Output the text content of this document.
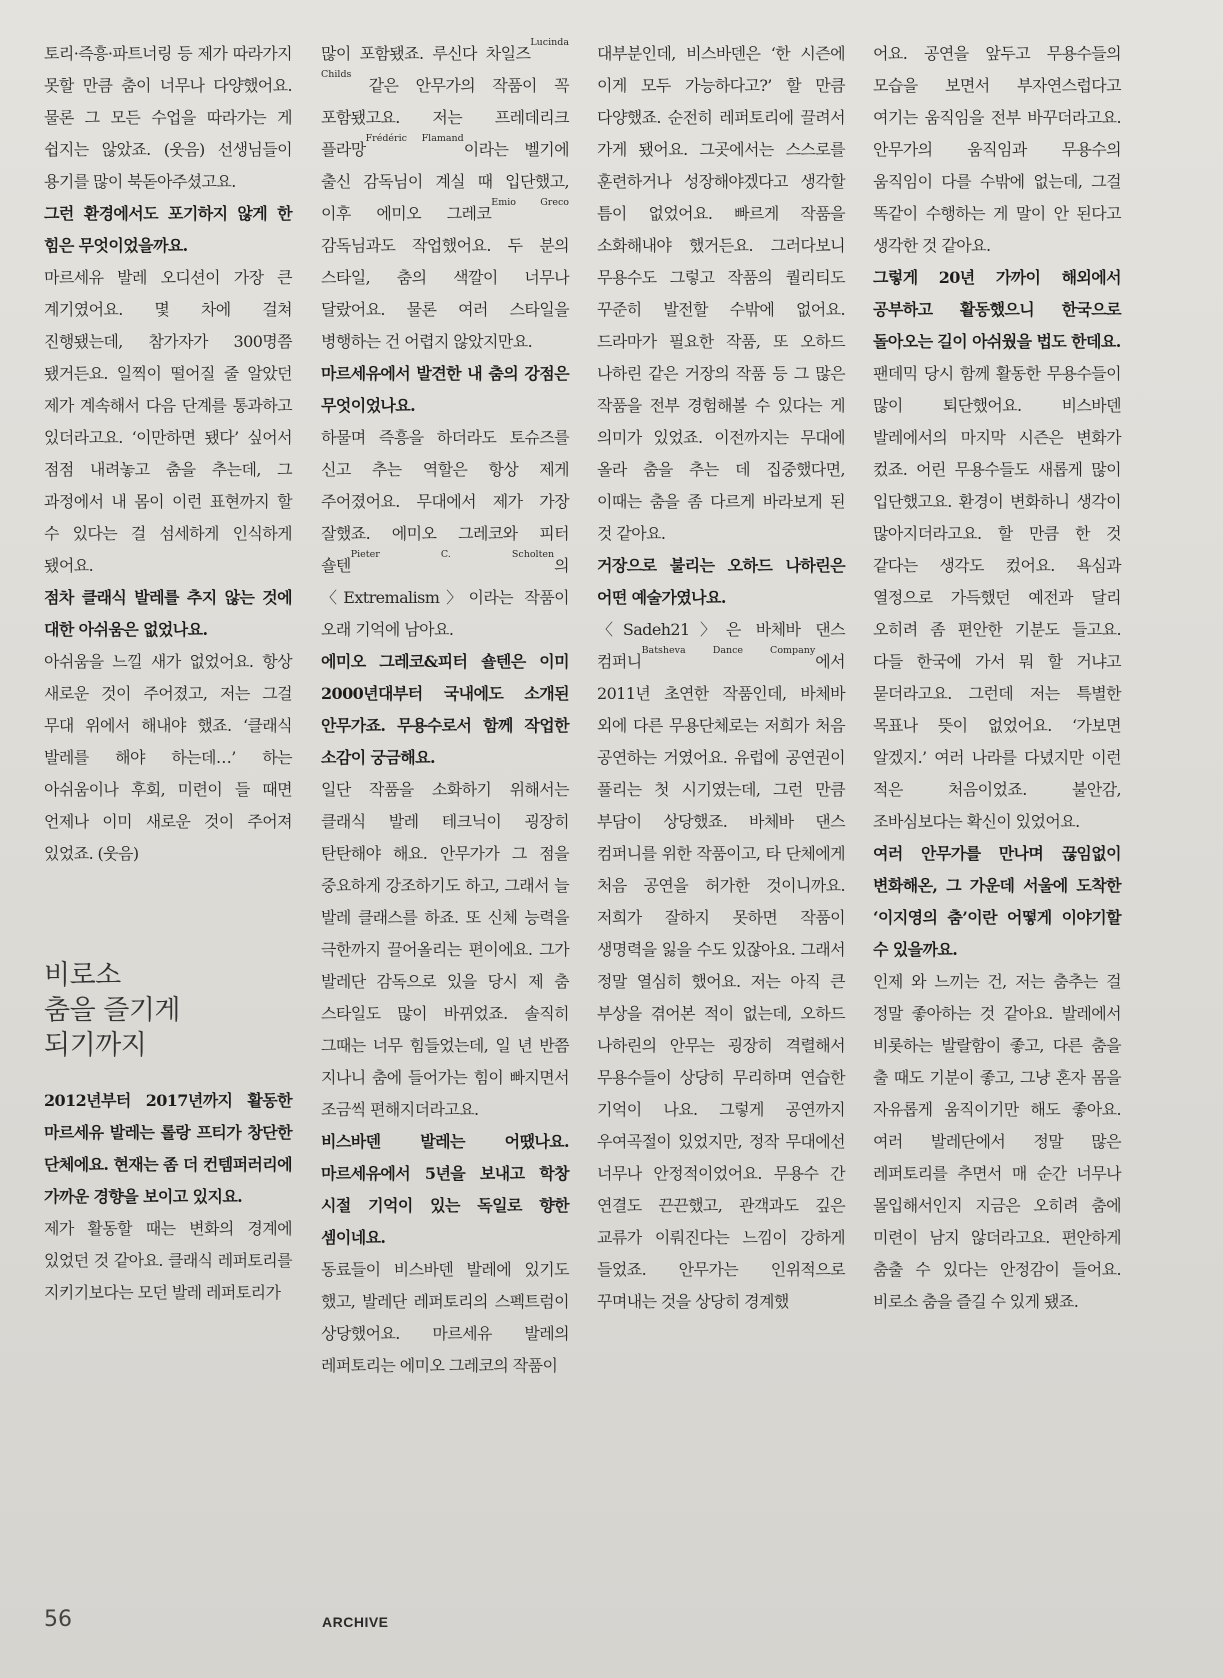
토리·즉흥·파트너링 등 제가 따라가지 못할 만큼 춤이 너무나 다양했어요. 물론 그 모든 수업을 따라가는 게 쉽지는 않았죠. (웃음) 선생님들이 용기를 많이 북돋아주셨고요.

그런 환경에서도 포기하지 않게 한 힘은 무엇이었을까요.

마르세유 발레 오디션이 가장 큰 계기였어요. 몇 차에 걸쳐 진행됐는데, 참가자가 300명쯤 됐거든요. 일찍이 떨어질 줄 알았던 제가 계속해서 다음 단계를 통과하고 있더라고요. ‘이만하면 됐다’ 싶어서 점점 내려놓고 춤을 추는데, 그 과정에서 내 몸이 이런 표현까지 할 수 있다는 걸 섬세하게 인식하게 됐어요.

점차 클래식 발레를 추지 않는 것에 대한 아쉬움은 없었나요.

아쉬움을 느낄 새가 없었어요. 항상 새로운 것이 주어졌고, 저는 그걸 무대 위에서 해내야 했죠. ‘클래식 발레를 해야 하는데…’ 하는 아쉬움이나 후회, 미련이 들 때면 언제나 이미 새로운 것이 주어져 있었죠. (웃음)

비로소
춤을 즐기게
되기까지

2012년부터 2017년까지 활동한 마르세유 발레는 롤랑 프티가 창단한 단체에요. 현재는 좀 더 컨템퍼러리에 가까운 경향을 보이고 있지요.

제가 활동할 때는 변화의 경계에 있었던 것 같아요. 클래식 레퍼토리를 지키기보다는 모던 발레 레퍼토리가

많이 포함됐죠. 루신다 차일즈$^{Lucinda Childs}$ 같은 안무가의 작품이 꼭 포함됐고요. 저는 프레데리크 플라망$^{Frédéric Flamand}$이라는 벨기에 출신 감독님이 계실 때 입단했고, 이후 에미오 그레코$^{Emio Greco}$ 감독님과도 작업했어요. 두 분의 스타일, 춤의 색깔이 너무나 달랐어요. 물론 여러 스타일을 병행하는 건 어렵지 않았지만요.

마르세유에서 발견한 내 춤의 강점은 무엇이었나요.

하물며 즉흥을 하더라도 토슈즈를 신고 추는 역할은 항상 제게 주어졌어요. 무대에서 제가 가장 잘했죠. 에미오 그레코와 피터 숄텐$^{Pieter C. Scholten}$의 〈Extremalism〉이라는 작품이 오래 기억에 남아요.

에미오 그레코&피터 숄텐은 이미 2000년대부터 국내에도 소개된 안무가죠. 무용수로서 함께 작업한 소감이 궁금해요.

일단 작품을 소화하기 위해서는 클래식 발레 테크닉이 굉장히 탄탄해야 해요. 안무가가 그 점을 중요하게 강조하기도 하고, 그래서 늘 발레 클래스를 하죠. 또 신체 능력을 극한까지 끌어올리는 편이에요. 그가 발레단 감독으로 있을 당시 제 춤 스타일도 많이 바뀌었죠. 솔직히 그때는 너무 힘들었는데, 일 년 반쯤 지나니 춤에 들어가는 힘이 빠지면서 조금씩 편해지더라고요.

비스바덴 발레는 어땠나요. 마르세유에서 5년을 보내고 학창 시절 기억이 있는 독일로 향한 셈이네요.

동료들이 비스바덴 발레에 있기도 했고, 발레단 레퍼토리의 스펙트럼이 상당했어요. 마르세유 발레의 레퍼토리는 에미오 그레코의 작품이

대부분인데, 비스바덴은 ‘한 시즌에 이게 모두 가능하다고?’ 할 만큼 다양했죠. 순전히 레퍼토리에 끌려서 가게 됐어요. 그곳에서는 스스로를 훈련하거나 성장해야겠다고 생각할 틈이 없었어요. 빠르게 작품을 소화해내야 했거든요. 그러다보니 무용수도 그렇고 작품의 퀄리티도 꾸준히 발전할 수밖에 없어요. 드라마가 필요한 작품, 또 오하드 나하린 같은 거장의 작품 등 그 많은 작품을 전부 경험해볼 수 있다는 게 의미가 있었죠. 이전까지는 무대에 올라 춤을 추는 데 집중했다면, 이때는 춤을 좀 다르게 바라보게 된 것 같아요.

거장으로 불리는 오하드 나하린은 어떤 예술가였나요.

〈Sadeh21〉은 바체바 댄스 컴퍼니$^{Batsheva Dance Company}$에서 2011년 초연한 작품인데, 바체바 외에 다른 무용단체로는 저희가 처음 공연하는 거였어요. 유럽에 공연권이 풀리는 첫 시기였는데, 그런 만큼 부담이 상당했죠. 바체바 댄스 컴퍼니를 위한 작품이고, 타 단체에게 처음 공연을 허가한 것이니까요. 저희가 잘하지 못하면 작품이 생명력을 잃을 수도 있잖아요. 그래서 정말 열심히 했어요. 저는 아직 큰 부상을 겪어본 적이 없는데, 오하드 나하린의 안무는 굉장히 격렬해서 무용수들이 상당히 무리하며 연습한 기억이 나요. 그렇게 공연까지 우여곡절이 있었지만, 정작 무대에선 너무나 안정적이었어요. 무용수 간 연결도 끈끈했고, 관객과도 깊은 교류가 이뤄진다는 느낌이 강하게 들었죠. 안무가는 인위적으로 꾸며내는 것을 상당히 경계했

어요. 공연을 앞두고 무용수들의 모습을 보면서 부자연스럽다고 여기는 움직임을 전부 바꾸더라고요. 안무가의 움직임과 무용수의 움직임이 다를 수밖에 없는데, 그걸 똑같이 수행하는 게 말이 안 된다고 생각한 것 같아요.

그렇게 20년 가까이 해외에서 공부하고 활동했으니 한국으로 돌아오는 길이 아쉬웠을 법도 한데요.

팬데믹 당시 함께 활동한 무용수들이 많이 퇴단했어요. 비스바덴 발레에서의 마지막 시즌은 변화가 컸죠. 어린 무용수들도 새롭게 많이 입단했고요. 환경이 변화하니 생각이 많아지더라고요. 할 만큼 한 것 같다는 생각도 컸어요. 욕심과 열정으로 가득했던 예전과 달리 오히려 좀 편안한 기분도 들고요. 다들 한국에 가서 뭐 할 거냐고 묻더라고요. 그런데 저는 특별한 목표나 뜻이 없었어요. ‘가보면 알겠지.’ 여러 나라를 다녔지만 이런 적은 처음이었죠. 불안감, 조바심보다는 확신이 있었어요.

여러 안무가를 만나며 끊임없이 변화해온, 그 가운데 서울에 도착한 ‘이지영의 춤’이란 어떻게 이야기할 수 있을까요.

인제 와 느끼는 건, 저는 춤추는 걸 정말 좋아하는 것 같아요. 발레에서 비롯하는 발랄함이 좋고, 다른 춤을 출 때도 기분이 좋고, 그냥 혼자 몸을 자유롭게 움직이기만 해도 좋아요. 여러 발레단에서 정말 많은 레퍼토리를 추면서 매 순간 너무나 몰입해서인지 지금은 오히려 춤에 미련이 남지 않더라고요. 편안하게 춤출 수 있다는 안정감이 들어요. 비로소 춤을 즐길 수 있게 됐죠.

56	ARCHIVE
